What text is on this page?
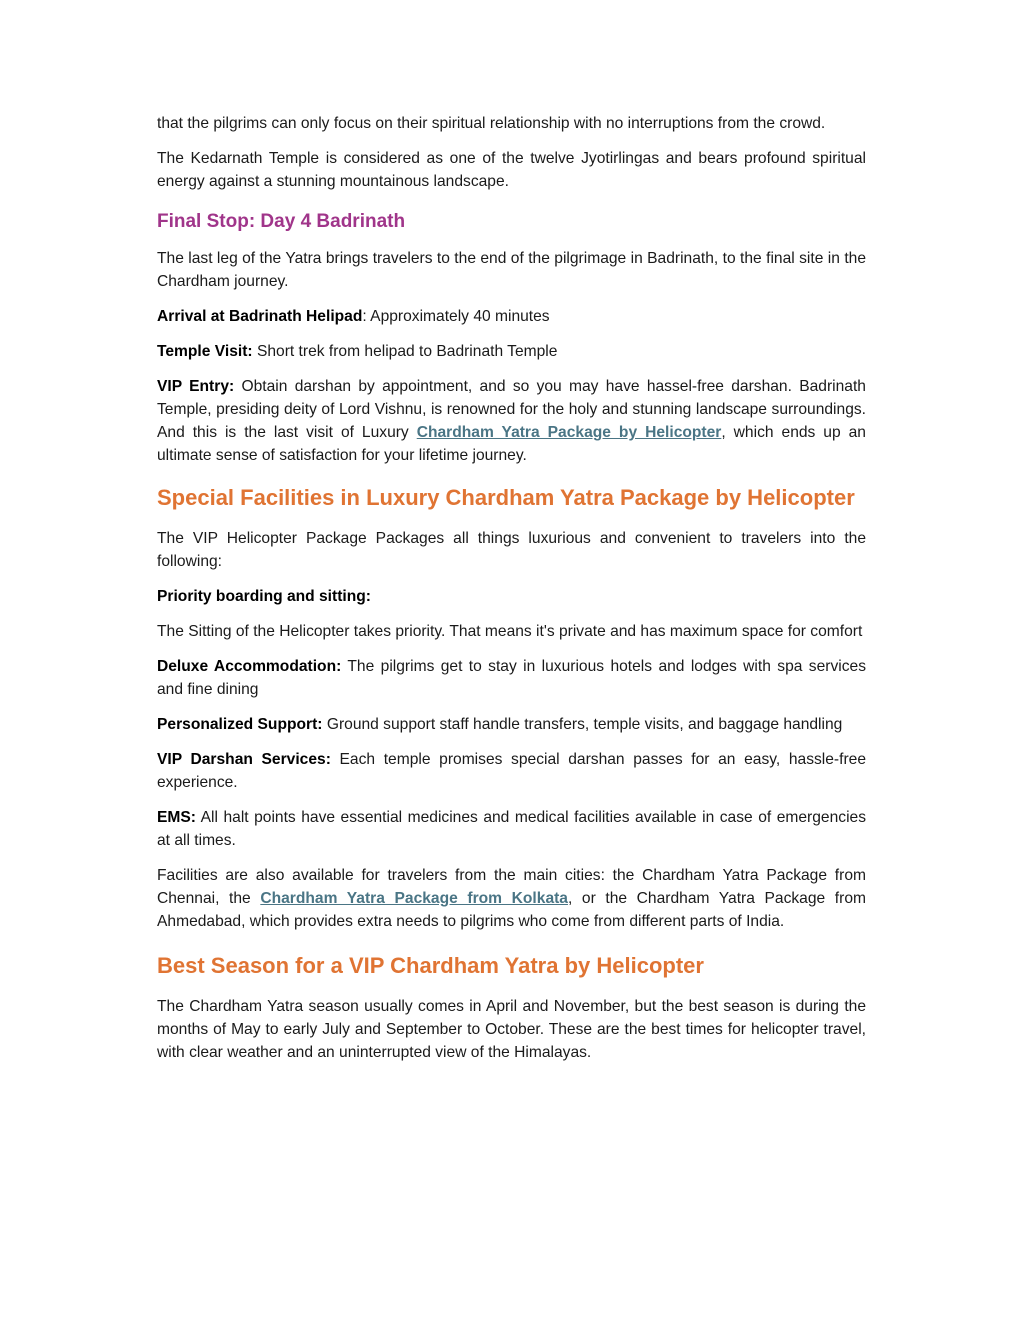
that the pilgrims can only focus on their spiritual relationship with no interruptions from the crowd.

The Kedarnath Temple is considered as one of the twelve Jyotirlingas and bears profound spiritual energy against a stunning mountainous landscape.

Final Stop: Day 4 Badrinath

The last leg of the Yatra brings travelers to the end of the pilgrimage in Badrinath, to the final site in the Chardham journey.

Arrival at Badrinath Helipad: Approximately 40 minutes

Temple Visit: Short trek from helipad to Badrinath Temple

VIP Entry: Obtain darshan by appointment, and so you may have hassel-free darshan. Badrinath Temple, presiding deity of Lord Vishnu, is renowned for the holy and stunning landscape surroundings. And this is the last visit of Luxury Chardham Yatra Package by Helicopter, which ends up an ultimate sense of satisfaction for your lifetime journey.

Special Facilities in Luxury Chardham Yatra Package by Helicopter

The VIP Helicopter Package Packages all things luxurious and convenient to travelers into the following:

Priority boarding and sitting:

The Sitting of the Helicopter takes priority. That means it's private and has maximum space for comfort

Deluxe Accommodation: The pilgrims get to stay in luxurious hotels and lodges with spa services and fine dining

Personalized Support: Ground support staff handle transfers, temple visits, and baggage handling

VIP Darshan Services: Each temple promises special darshan passes for an easy, hassle-free experience.

EMS: All halt points have essential medicines and medical facilities available in case of emergencies at all times.

Facilities are also available for travelers from the main cities: the Chardham Yatra Package from Chennai, the Chardham Yatra Package from Kolkata, or the Chardham Yatra Package from Ahmedabad, which provides extra needs to pilgrims who come from different parts of India.

Best Season for a VIP Chardham Yatra by Helicopter

The Chardham Yatra season usually comes in April and November, but the best season is during the months of May to early July and September to October. These are the best times for helicopter travel, with clear weather and an uninterrupted view of the Himalayas.
